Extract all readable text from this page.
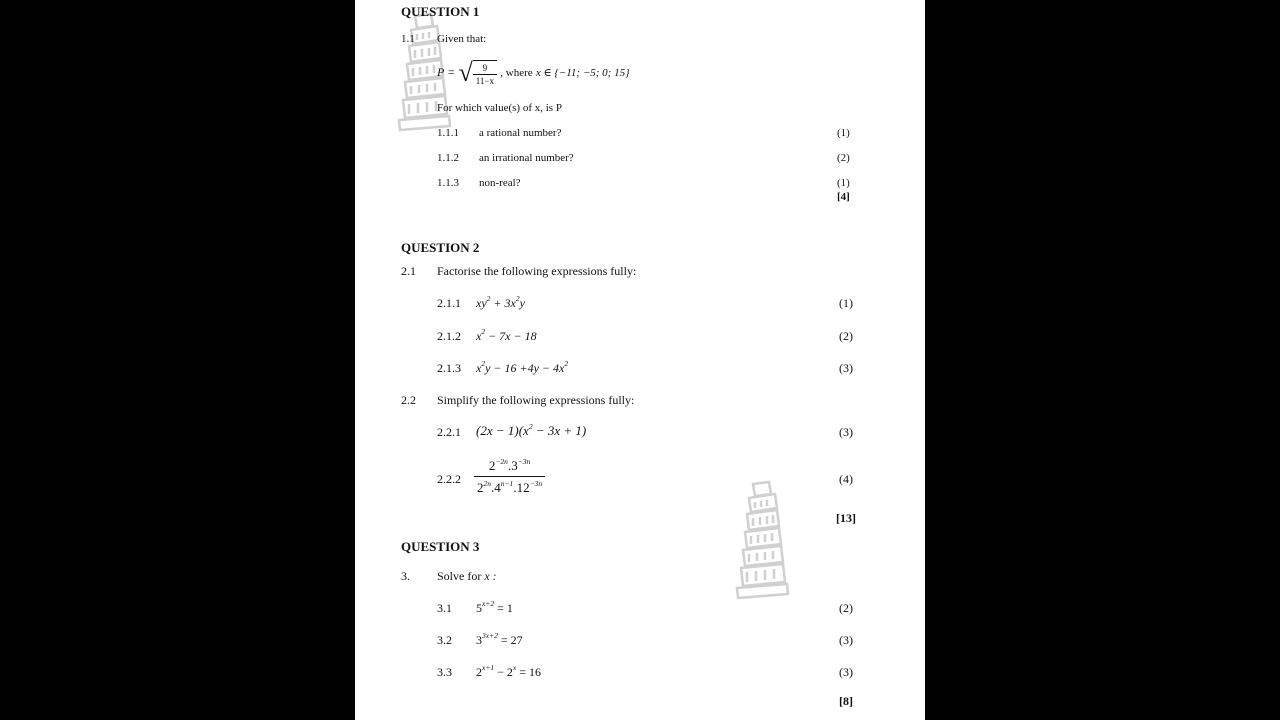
QUESTION 1
1.1 Given that:
P = √ $\frac{9}{11-x}$ , where x ∈ {−11; −5; 0; 15}
For which value(s) of x, is P
1.1.1 a rational number?	(1)
1.1.2 an irrational number?	(2)
1.1.3 non-real?	(1)
[4]
QUESTION 2
2.1 Factorise the following expressions fully:
2.1.1 $xy^2 + 3x^2y$	(1)
2.1.2 $x^2 - 7x - 18$	(2)
2.1.3 $x^2y - 16 +4y - 4x^2$	(3)
2.2 Simplify the following expressions fully:
2.2.1 $(2x - 1)(x^2 - 3x + 1)$	(3)
$2.2.2 \frac{2^{-2n}.3^{-3n}}{2^{2n}.4^{n-1}.12^{-3n}}$	(4)
[13]
QUESTION 3
3. Solve for x :
3.1 $5^{x+2} = 1$	(2)
3.2 $3^{3x+2} = 27$	(3)
3.3 $2^{x+1} - 2^x = 16$	(3)
[8]
